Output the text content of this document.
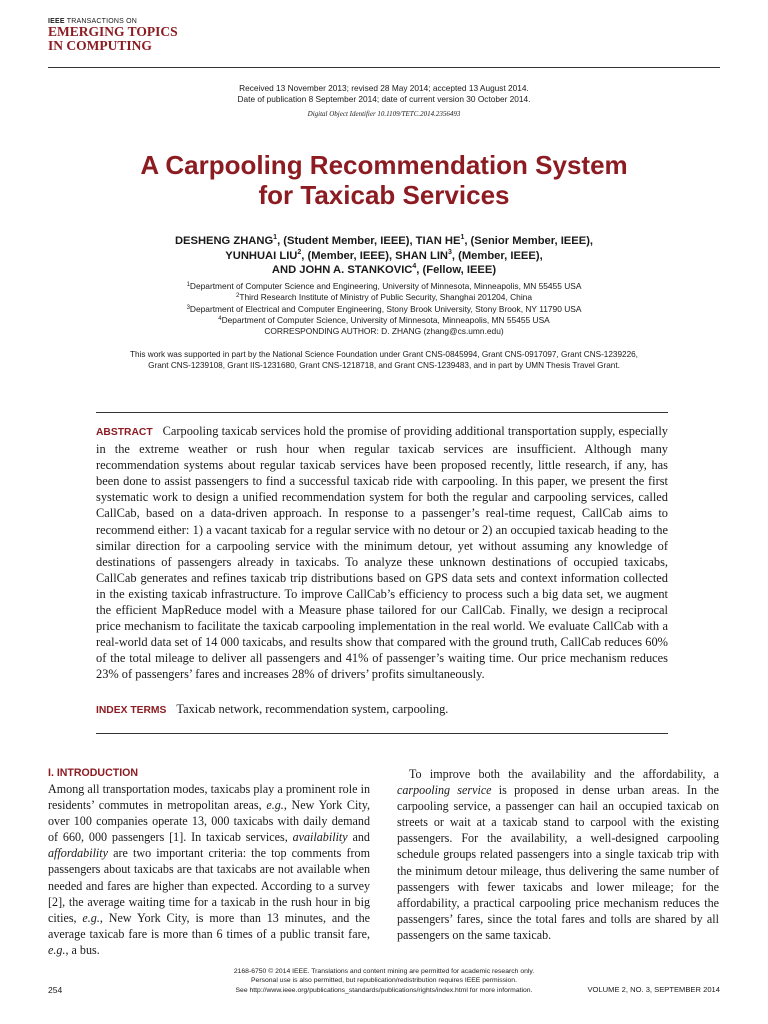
IEEE TRANSACTIONS ON
EMERGING TOPICS
IN COMPUTING
Received 13 November 2013; revised 28 May 2014; accepted 13 August 2014.
Date of publication 8 September 2014; date of current version 30 October 2014.
Digital Object Identifier 10.1109/TETC.2014.2356493
A Carpooling Recommendation System
for Taxicab Services
DESHENG ZHANG$^1$, (Student Member, IEEE), TIAN $HE^1$, (Senior Member, IEEE),
YUNHUAI LIU$^2$, (Member, IEEE), SHAN LIN$^3$, (Member, IEEE),
AND JOHN A. STANKOVIC$^4$, (Fellow, IEEE)
$^1$Department of Computer Science and Engineering, University of Minnesota, Minneapolis, MN 55455 USA
$^2$Third Research Institute of Ministry of Public Security, Shanghai 201204, China
$^3$Department of Electrical and Computer Engineering, Stony Brook University, Stony Brook, NY 11790 USA
$^4$Department of Computer Science, University of Minnesota, Minneapolis, MN 55455 USA
CORRESPONDING AUTHOR: D. ZHANG (zhang@cs.umn.edu)
This work was supported in part by the National Science Foundation under Grant CNS-0845994, Grant CNS-0917097, Grant CNS-1239226,
Grant CNS-1239108, Grant IIS-1231680, Grant CNS-1218718, and Grant CNS-1239483, and in part by UMN Thesis Travel Grant.
ABSTRACT Carpooling taxicab services hold the promise of providing additional transportation supply, especially in the extreme weather or rush hour when regular taxicab services are insufficient. Although many recommendation systems about regular taxicab services have been proposed recently, little research, if any, has been done to assist passengers to find a successful taxicab ride with carpooling. In this paper, we present the first systematic work to design a unified recommendation system for both the regular and carpooling services, called CallCab, based on a data-driven approach. In response to a passenger’s real-time request, CallCab aims to recommend either: 1) a vacant taxicab for a regular service with no detour or 2) an occupied taxicab heading to the similar direction for a carpooling service with the minimum detour, yet without assuming any knowledge of destinations of passengers already in taxicabs. To analyze these unknown destinations of occupied taxicabs, CallCab generates and refines taxicab trip distributions based on GPS data sets and context information collected in the existing taxicab infrastructure. To improve CallCab’s efficiency to process such a big data set, we augment the efficient MapReduce model with a Measure phase tailored for our CallCab. Finally, we design a reciprocal price mechanism to facilitate the taxicab carpooling implementation in the real world. We evaluate CallCab with a real-world data set of 14 000 taxicabs, and results show that compared with the ground truth, CallCab reduces 60% of the total mileage to deliver all passengers and 41% of passenger’s waiting time. Our price mechanism reduces 23% of passengers’ fares and increases 28% of drivers’ profits simultaneously.
INDEX TERMS Taxicab network, recommendation system, carpooling.
I. INTRODUCTION
Among all transportation modes, taxicabs play a prominent role in residents’ commutes in metropolitan areas, e.g., New York City, over 100 companies operate 13, 000 taxicabs with daily demand of 660, 000 passengers [1]. In taxicab services, availability and affordability are two important criteria: the top comments from passengers about taxicabs are that taxicabs are not available when needed and fares are higher than expected. According to a survey [2], the average waiting time for a taxicab in the rush hour in big cities, e.g., New York City, is more than 13 minutes, and the average taxicab fare is more than 6 times of a public transit fare, e.g., a bus.
To improve both the availability and the affordability, a carpooling service is proposed in dense urban areas. In the carpooling service, a passenger can hail an occupied taxicab on streets or wait at a taxicab stand to carpool with the existing passengers. For the availability, a well-designed carpooling schedule groups related passengers into a single taxicab trip with the minimum detour mileage, thus delivering the same number of passengers with fewer taxicabs and lower mileage; for the affordability, a practical carpooling price mechanism reduces the passengers’ fares, since the total fares and tolls are shared by all passengers on the same taxicab.
254
2168-6750 © 2014 IEEE. Translations and content mining are permitted for academic research only.
Personal use is also permitted, but republication/redistribution requires IEEE permission.
See http://www.ieee.org/publications_standards/publications/rights/index.html for more information.	VOLUME 2, NO. 3, SEPTEMBER 2014
